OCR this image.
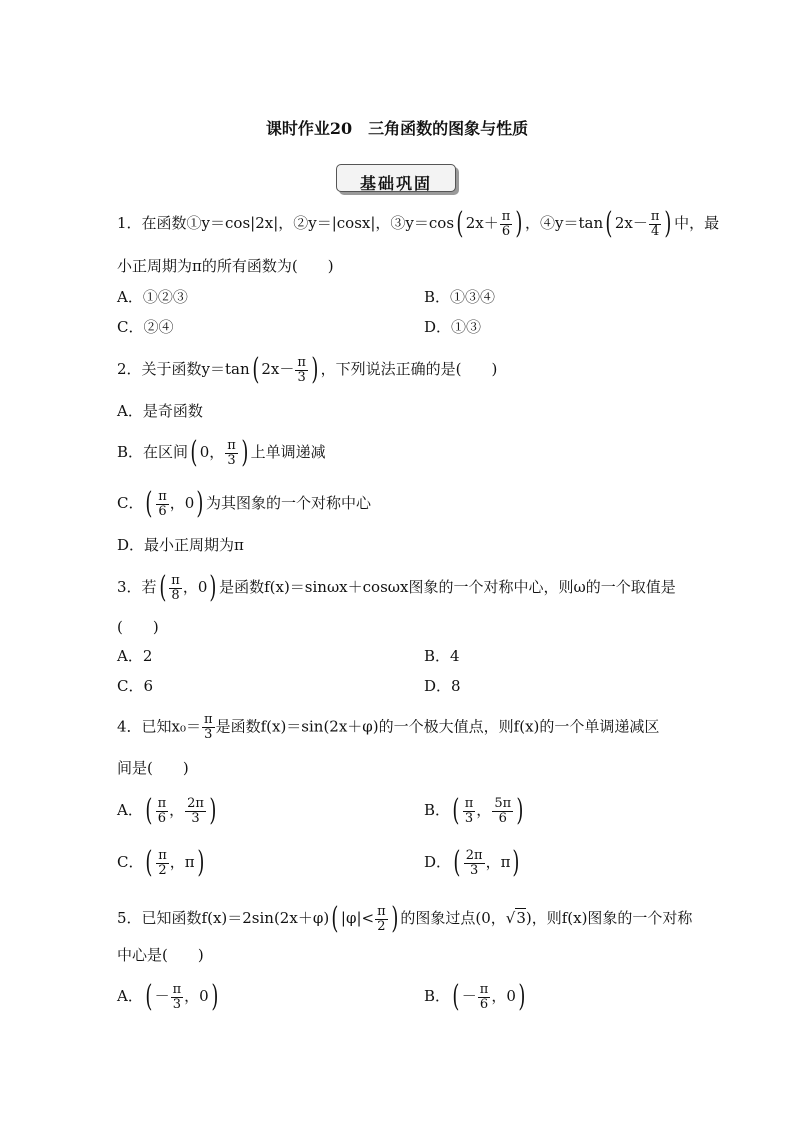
课时作业20　三角函数的图象与性质
基础巩固
1．在函数①y＝cos|2x|，②y＝|cosx|，③y＝cos( $2x+ \frac{\pi}{6}$ ) ，④y＝tan( $2x- \frac{\pi}{4}$ ) 中，最
小正周期为π的所有函数为(　　)
A．①②③	B．①③④
C．②④	D．①③
2．关于函数y＝tan( $2x- \frac{\pi}{3}$ ) ，下列说法正确的是(　　)
A．是奇函数
B．在区间( 0， $\frac{\pi}{3}$ ) 上单调递减
C．( $\frac{\pi}{6}$ ，0) 为其图象的一个对称中心
D．最小正周期为π
3．若( $\frac{\pi}{8}$ ，0) 是函数f(x)＝sinωx＋cosωx图象的一个对称中心，则ω的一个取值是
(　　)
A．2	B．4
C．6	D．8
4．已知$x_0= \frac{\pi}{3}$ 是函数f(x)＝sin(2x＋φ)的一个极大值点，则f(x)的一个单调递减区
间是(　　)
A．( $\frac{\pi}{6}$ ， $\frac{2\pi}{3}$ )	B．( $\frac{\pi}{3}$ ， $\frac{5\pi}{6}$ )
C．( $\frac{\pi}{2}$ ，π)	D．( $\frac{2\pi}{3}$ ，π)
5．已知函数f(x)＝2sin(2x＋φ)( $|\varphi|< \frac{\pi}{2}$ ) 的图象过点(0，√3)，则f(x)图象的一个对称
中心是(　　)
A．( － $\frac{\pi}{3}$ ，0)	B．( － $\frac{\pi}{6}$ ，0)
